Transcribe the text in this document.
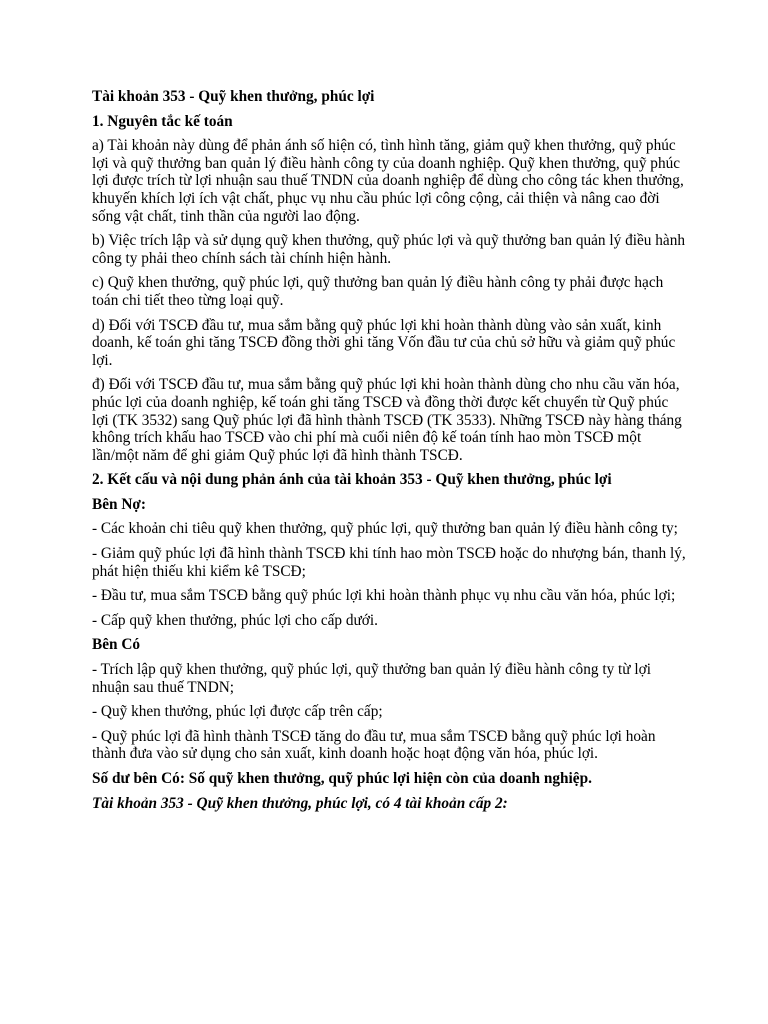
Tài khoản 353 - Quỹ khen thưởng, phúc lợi

1. Nguyên tắc kế toán

a) Tài khoản này dùng để phản ánh số hiện có, tình hình tăng, giảm quỹ khen thưởng, quỹ phúc lợi và quỹ thưởng ban quản lý điều hành công ty của doanh nghiệp. Quỹ khen thưởng, quỹ phúc lợi được trích từ lợi nhuận sau thuế TNDN của doanh nghiệp để dùng cho công tác khen thưởng, khuyến khích lợi ích vật chất, phục vụ nhu cầu phúc lợi công cộng, cải thiện và nâng cao đời sống vật chất, tinh thần của người lao động.

b) Việc trích lập và sử dụng quỹ khen thưởng, quỹ phúc lợi và quỹ thưởng ban quản lý điều hành công ty phải theo chính sách tài chính hiện hành.

c) Quỹ khen thưởng, quỹ phúc lợi, quỹ thưởng ban quản lý điều hành công ty phải được hạch toán chi tiết theo từng loại quỹ.

d) Đối với TSCĐ đầu tư, mua sắm bằng quỹ phúc lợi khi hoàn thành dùng vào sản xuất, kinh doanh, kế toán ghi tăng TSCĐ đồng thời ghi tăng Vốn đầu tư của chủ sở hữu và giảm quỹ phúc lợi.

đ) Đối với TSCĐ đầu tư, mua sắm bằng quỹ phúc lợi khi hoàn thành dùng cho nhu cầu văn hóa, phúc lợi của doanh nghiệp, kế toán ghi tăng TSCĐ và đồng thời được kết chuyển từ Quỹ phúc lợi (TK 3532) sang Quỹ phúc lợi đã hình thành TSCĐ (TK 3533). Những TSCĐ này hàng tháng không trích khấu hao TSCĐ vào chi phí mà cuối niên độ kế toán tính hao mòn TSCĐ một lần/một năm để ghi giảm Quỹ phúc lợi đã hình thành TSCĐ.

2. Kết cấu và nội dung phản ánh của tài khoản 353 - Quỹ khen thưởng, phúc lợi

Bên Nợ:

- Các khoản chi tiêu quỹ khen thưởng, quỹ phúc lợi, quỹ thưởng ban quản lý điều hành công ty;

- Giảm quỹ phúc lợi đã hình thành TSCĐ khi tính hao mòn TSCĐ hoặc do nhượng bán, thanh lý, phát hiện thiếu khi kiểm kê TSCĐ;

- Đầu tư, mua sắm TSCĐ bằng quỹ phúc lợi khi hoàn thành phục vụ nhu cầu văn hóa, phúc lợi;

- Cấp quỹ khen thưởng, phúc lợi cho cấp dưới.

Bên Có

- Trích lập quỹ khen thưởng, quỹ phúc lợi, quỹ thưởng ban quản lý điều hành công ty từ lợi nhuận sau thuế TNDN;

- Quỹ khen thưởng, phúc lợi được cấp trên cấp;

- Quỹ phúc lợi đã hình thành TSCĐ tăng do đầu tư, mua sắm TSCĐ bằng quỹ phúc lợi hoàn thành đưa vào sử dụng cho sản xuất, kinh doanh hoặc hoạt động văn hóa, phúc lợi.

Số dư bên Có: Số quỹ khen thưởng, quỹ phúc lợi hiện còn của doanh nghiệp.

Tài khoản 353 - Quỹ khen thưởng, phúc lợi, có 4 tài khoản cấp 2:
